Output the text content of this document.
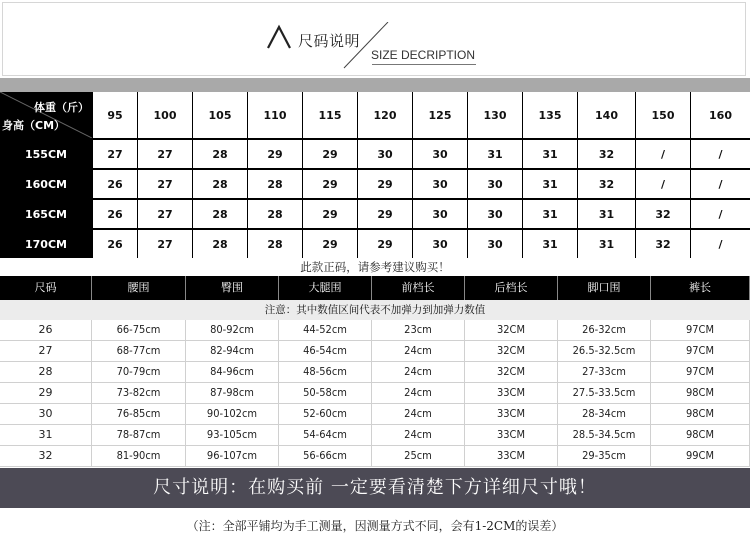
尺码说明
SIZE DECRIPTION
体重（斤）
身高（CM）
95	100	105	110	115	120	125	130	135	140	150	160
155CM	27	27	28	29	29	30	30	31	31	32	/	/
160CM	26	27	28	28	29	29	30	30	31	32	/	/
165CM	26	27	28	28	29	29	30	30	31	31	32	/
170CM	26	27	28	28	29	29	30	30	31	31	32	/
此款正码，请参考建议购买！
尺码	腰围	臀围	大腿围	前档长	后档长	脚口围	裤长
注意：其中数值区间代表不加弹力到加弹力数值
26	66-75cm	80-92cm	44-52cm	23cm	32CM	26-32cm	97CM
27	68-77cm	82-94cm	46-54cm	24cm	32CM	26.5-32.5cm	97CM
28	70-79cm	84-96cm	48-56cm	24cm	32CM	27-33cm	97CM
29	73-82cm	87-98cm	50-58cm	24cm	33CM	27.5-33.5cm	98CM
30	76-85cm	90-102cm	52-60cm	24cm	33CM	28-34cm	98CM
31	78-87cm	93-105cm	54-64cm	24cm	33CM	28.5-34.5cm	98CM
32	81-90cm	96-107cm	56-66cm	25cm	33CM	29-35cm	99CM
尺寸说明：在购买前 一定要看清楚下方详细尺寸哦！
（注：全部平铺均为手工测量，因测量方式不同，会有1-2CM的误差）
